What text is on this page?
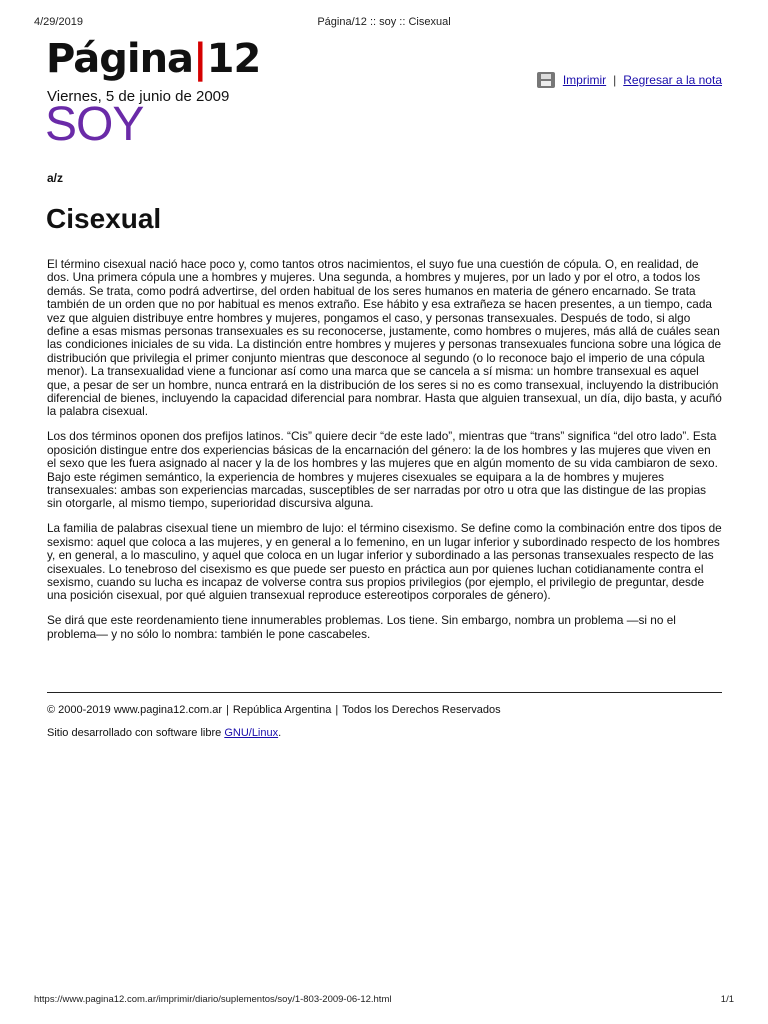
4/29/2019	Página/12 :: soy :: Cisexual
Página|12
Viernes, 5 de junio de 2009
SOY
Imprimir | Regresar a la nota
a/z
Cisexual

El término cisexual nació hace poco y, como tantos otros nacimientos, el suyo fue una cuestión de cópula. O, en realidad, de dos. Una primera cópula une a hombres y mujeres. Una segunda, a hombres y mujeres, por un lado y por el otro, a todos los demás. Se trata, como podrá advertirse, del orden habitual de los seres humanos en materia de género encarnado. Se trata también de un orden que no por habitual es menos extraño. Ese hábito y esa extrañeza se hacen presentes, a un tiempo, cada vez que alguien distribuye entre hombres y mujeres, pongamos el caso, y personas transexuales. Después de todo, si algo define a esas mismas personas transexuales es su reconocerse, justamente, como hombres o mujeres, más allá de cuáles sean las condiciones iniciales de su vida. La distinción entre hombres y mujeres y personas transexuales funciona sobre una lógica de distribución que privilegia el primer conjunto mientras que desconoce al segundo (o lo reconoce bajo el imperio de una cópula menor). La transexualidad viene a funcionar así como una marca que se cancela a sí misma: un hombre transexual es aquel que, a pesar de ser un hombre, nunca entrará en la distribución de los seres si no es como transexual, incluyendo la distribución diferencial de bienes, incluyendo la capacidad diferencial para nombrar. Hasta que alguien transexual, un día, dijo basta, y acuñó la palabra cisexual.

Los dos términos oponen dos prefijos latinos. “Cis” quiere decir “de este lado”, mientras que “trans” significa “del otro lado”. Esta oposición distingue entre dos experiencias básicas de la encarnación del género: la de los hombres y las mujeres que viven en el sexo que les fuera asignado al nacer y la de los hombres y las mujeres que en algún momento de su vida cambiaron de sexo. Bajo este régimen semántico, la experiencia de hombres y mujeres cisexuales se equipara a la de hombres y mujeres transexuales: ambas son experiencias marcadas, susceptibles de ser narradas por otro u otra que las distingue de las propias sin otorgarle, al mismo tiempo, superioridad discursiva alguna.

La familia de palabras cisexual tiene un miembro de lujo: el término cisexismo. Se define como la combinación entre dos tipos de sexismo: aquel que coloca a las mujeres, y en general a lo femenino, en un lugar inferior y subordinado respecto de los hombres y, en general, a lo masculino, y aquel que coloca en un lugar inferior y subordinado a las personas transexuales respecto de las cisexuales. Lo tenebroso del cisexismo es que puede ser puesto en práctica aun por quienes luchan cotidianamente contra el sexismo, cuando su lucha es incapaz de volverse contra sus propios privilegios (por ejemplo, el privilegio de preguntar, desde una posición cisexual, por qué alguien transexual reproduce estereotipos corporales de género).

Se dirá que este reordenamiento tiene innumerables problemas. Los tiene. Sin embargo, nombra un problema —si no el problema— y no sólo lo nombra: también le pone cascabeles.

© 2000-2019 www.pagina12.com.ar | República Argentina | Todos los Derechos Reservados
Sitio desarrollado con software libre GNU/Linux.
https://www.pagina12.com.ar/imprimir/diario/suplementos/soy/1-803-2009-06-12.html	1/1
